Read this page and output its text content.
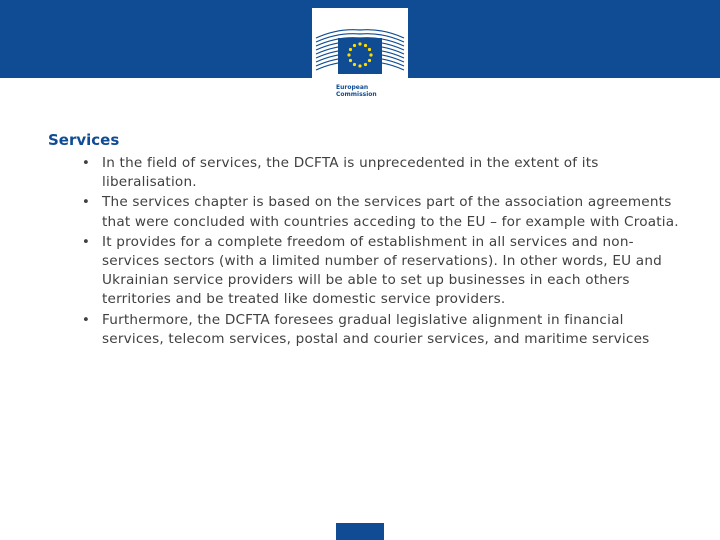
European
Commission
Services
• In the field of services, the DCFTA is unprecedented in the extent of its liberalisation.
• The services chapter is based on the services part of the association agreements that were concluded with countries acceding to the EU – for example with Croatia.
• It provides for a complete freedom of establishment in all services and non-services sectors (with a limited number of reservations). In other words, EU and Ukrainian service providers will be able to set up businesses in each others territories and be treated like domestic service providers.
• Furthermore, the DCFTA foresees gradual legislative alignment in financial services, telecom services, postal and courier services, and maritime services
